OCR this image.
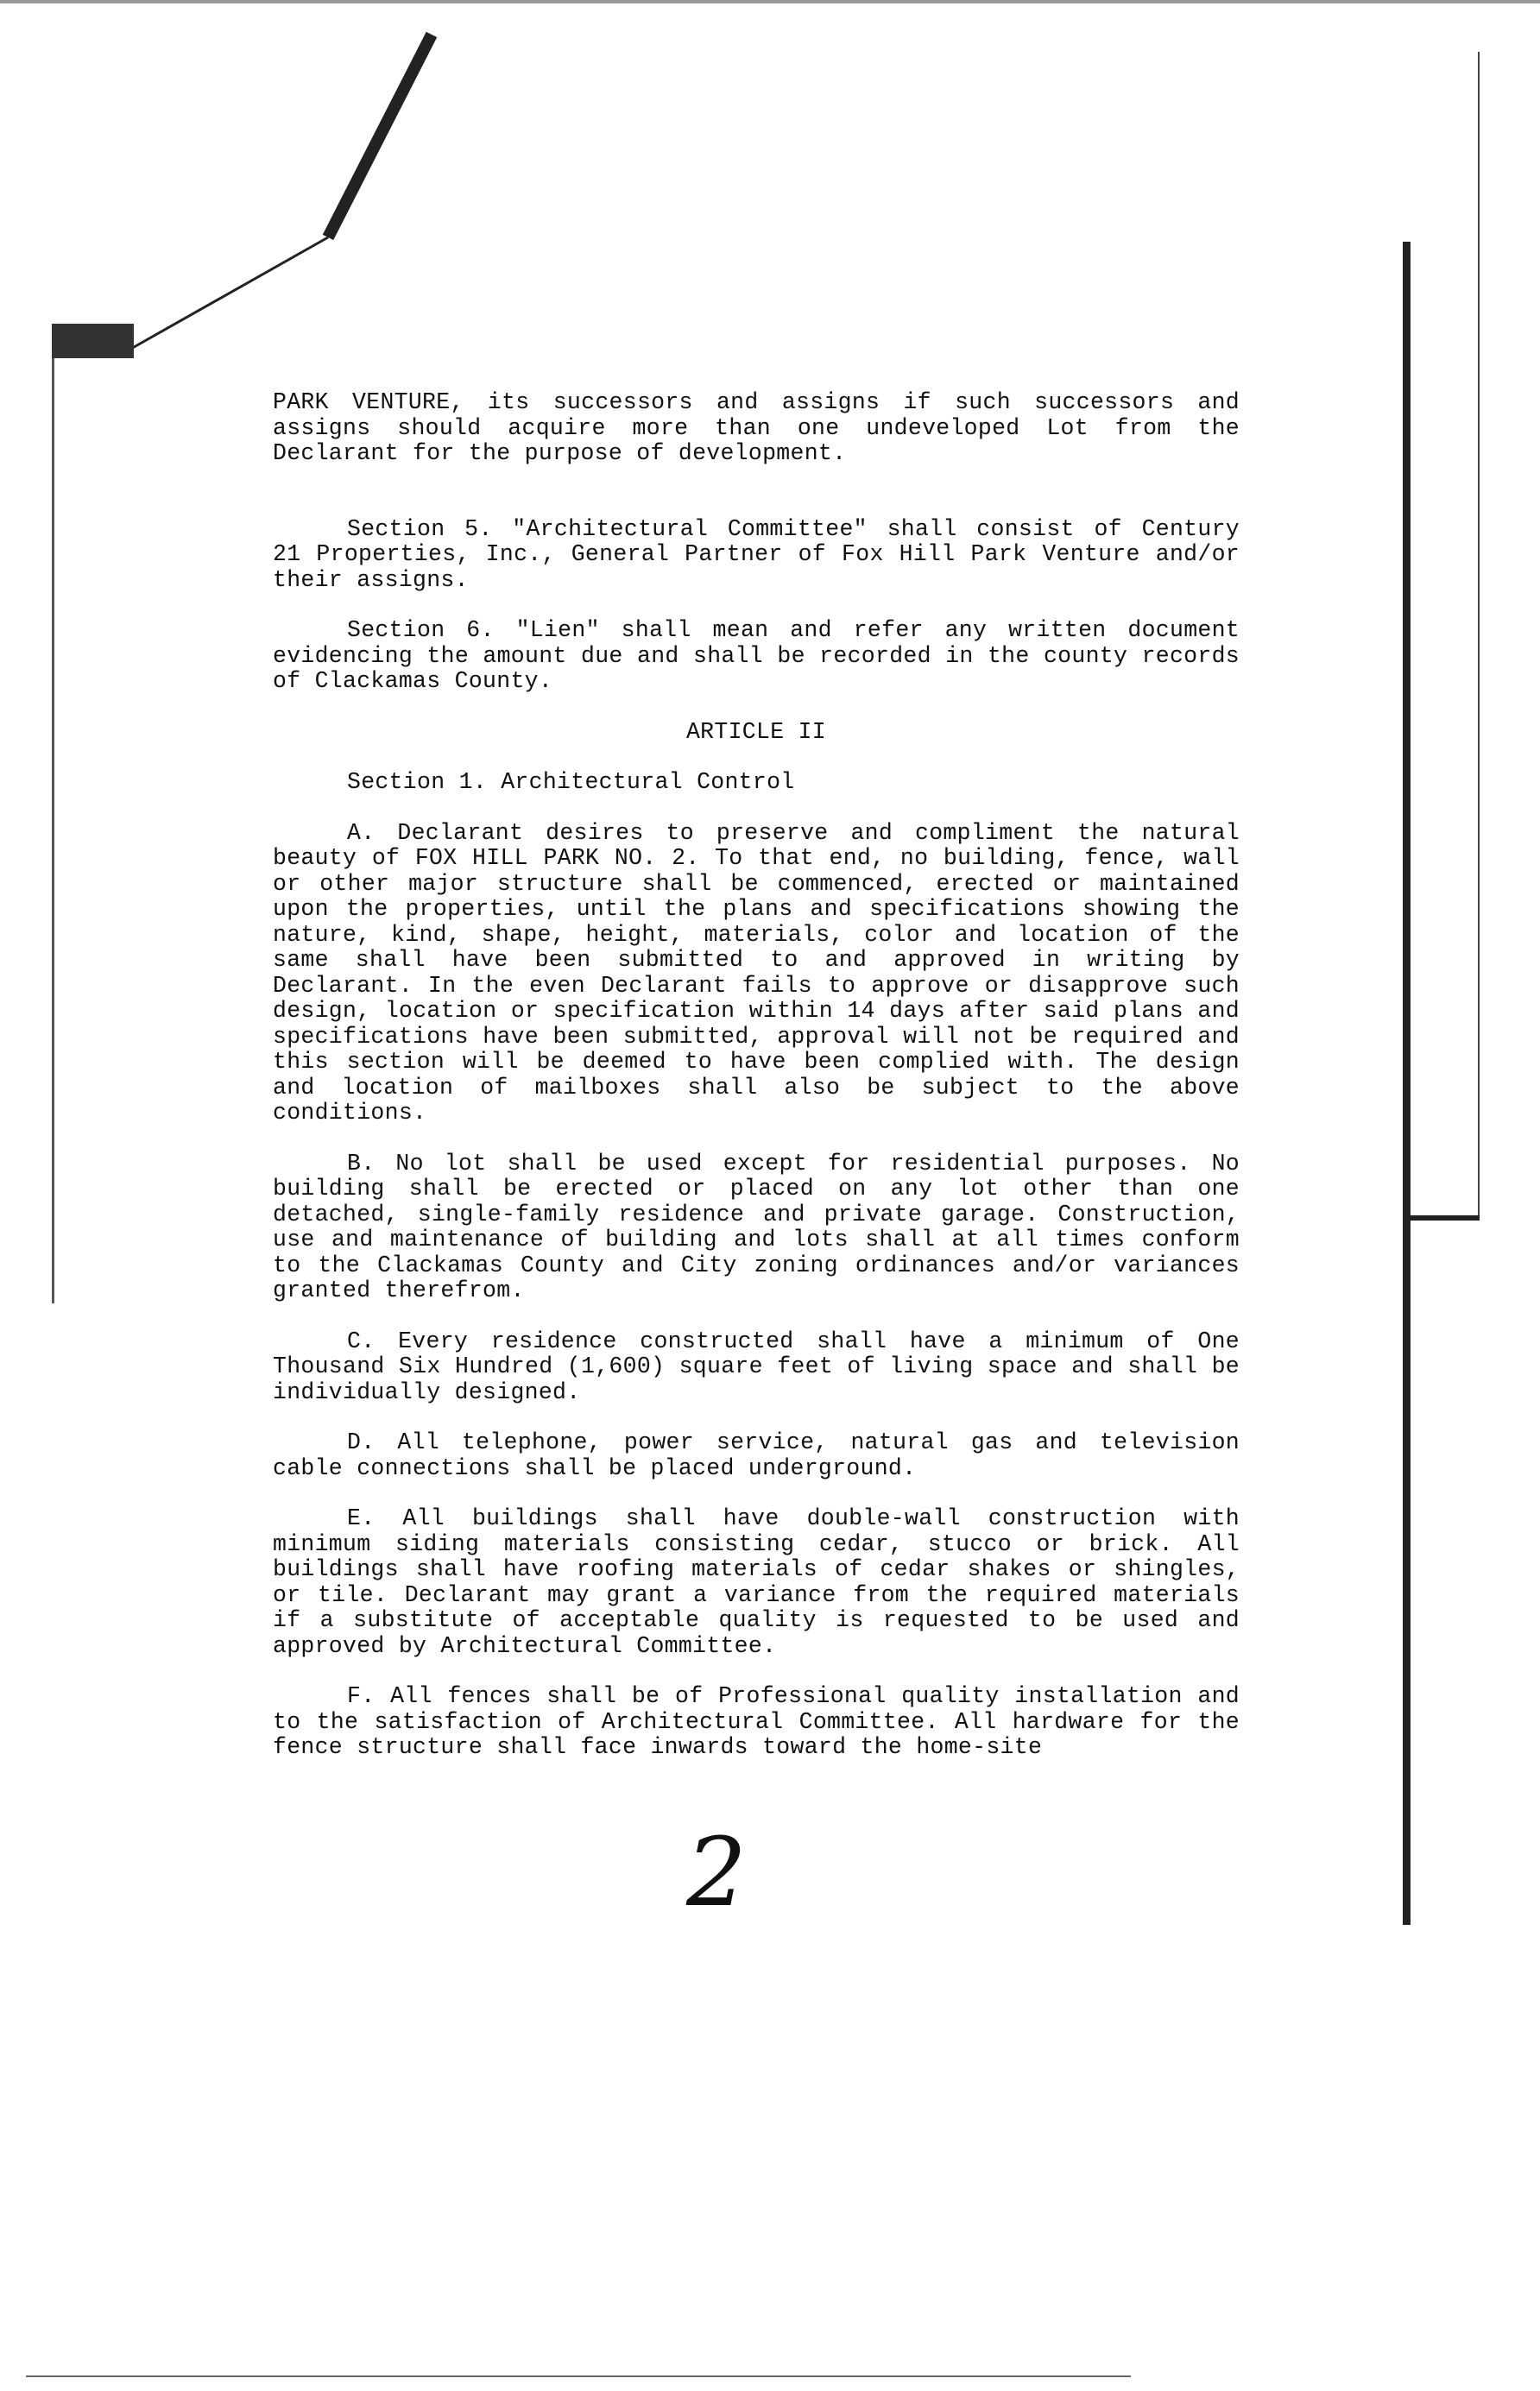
PARK VENTURE, its successors and assigns if such successors and assigns should acquire more than one undeveloped Lot from the Declarant for the purpose of development.

Section 5. "Architectural Committee" shall consist of Century 21 Properties, Inc., General Partner of Fox Hill Park Venture and/or their assigns.

Section 6. "Lien" shall mean and refer any written document evidencing the amount due and shall be recorded in the county records of Clackamas County.

ARTICLE II

Section 1. Architectural Control

A. Declarant desires to preserve and compliment the natural beauty of FOX HILL PARK NO. 2. To that end, no building, fence, wall or other major structure shall be commenced, erected or maintained upon the properties, until the plans and specifications showing the nature, kind, shape, height, materials, color and location of the same shall have been submitted to and approved in writing by Declarant. In the even Declarant fails to approve or disapprove such design, location or specification within 14 days after said plans and specifications have been submitted, approval will not be required and this section will be deemed to have been complied with. The design and location of mailboxes shall also be subject to the above conditions.

B. No lot shall be used except for residential purposes. No building shall be erected or placed on any lot other than one detached, single-family residence and private garage. Construction, use and maintenance of building and lots shall at all times conform to the Clackamas County and City zoning ordinances and/or variances granted therefrom.

C. Every residence constructed shall have a minimum of One Thousand Six Hundred (1,600) square feet of living space and shall be individually designed.

D. All telephone, power service, natural gas and television cable connections shall be placed underground.

E. All buildings shall have double-wall construction with minimum siding materials consisting cedar, stucco or brick. All buildings shall have roofing materials of cedar shakes or shingles, or tile. Declarant may grant a variance from the required materials if a substitute of acceptable quality is requested to be used and approved by Architectural Committee.

F. All fences shall be of Professional quality installation and to the satisfaction of Architectural Committee. All hardware for the fence structure shall face inwards toward the home-site

2
